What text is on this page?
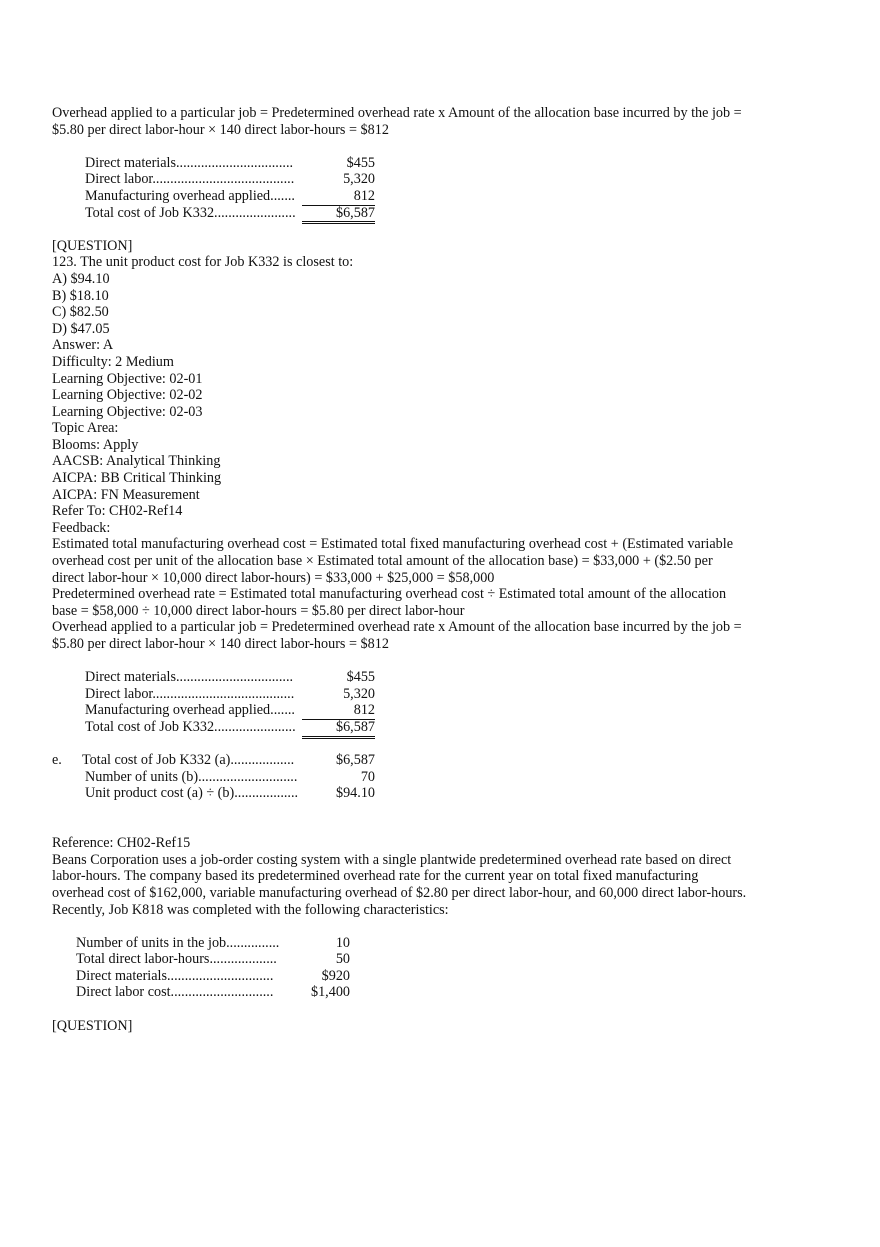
Overhead applied to a particular job = Predetermined overhead rate x Amount of the allocation base incurred by the job =
$5.80 per direct labor-hour × 140 direct labor-hours = $812
Direct materials.................................	$455
Direct labor........................................	5,320
Manufacturing overhead applied.......	812
Total cost of Job K332.......................	$6,587
[QUESTION]
123. The unit product cost for Job K332 is closest to:
A) $94.10
B) $18.10
C) $82.50
D) $47.05
Answer: A
Difficulty: 2 Medium
Learning Objective: 02-01
Learning Objective: 02-02
Learning Objective: 02-03
Topic Area:
Blooms: Apply
AACSB: Analytical Thinking
AICPA: BB Critical Thinking
AICPA: FN Measurement
Refer To: CH02-Ref14
Feedback:
Estimated total manufacturing overhead cost = Estimated total fixed manufacturing overhead cost + (Estimated variable
overhead cost per unit of the allocation base × Estimated total amount of the allocation base) = $33,000 + ($2.50 per
direct labor-hour × 10,000 direct labor-hours) = $33,000 + $25,000 = $58,000
Predetermined overhead rate = Estimated total manufacturing overhead cost ÷ Estimated total amount of the allocation
base = $58,000 ÷ 10,000 direct labor-hours = $5.80 per direct labor-hour
Overhead applied to a particular job = Predetermined overhead rate x Amount of the allocation base incurred by the job =
$5.80 per direct labor-hour × 140 direct labor-hours = $812
Direct materials.................................	$455
Direct labor........................................	5,320
Manufacturing overhead applied.......	812
Total cost of Job K332.......................	$6,587
e. Total cost of Job K332 (a)..................	$6,587
Number of units (b)............................	70
Unit product cost (a) ÷ (b)..................	$94.10
Reference: CH02-Ref15
Beans Corporation uses a job-order costing system with a single plantwide predetermined overhead rate based on direct
labor-hours. The company based its predetermined overhead rate for the current year on total fixed manufacturing
overhead cost of $162,000, variable manufacturing overhead of $2.80 per direct labor-hour, and 60,000 direct labor-hours.
Recently, Job K818 was completed with the following characteristics:
Number of units in the job...............	10
Total direct labor-hours...................	50
Direct materials..............................	$920
Direct labor cost.............................	$1,400
[QUESTION]
